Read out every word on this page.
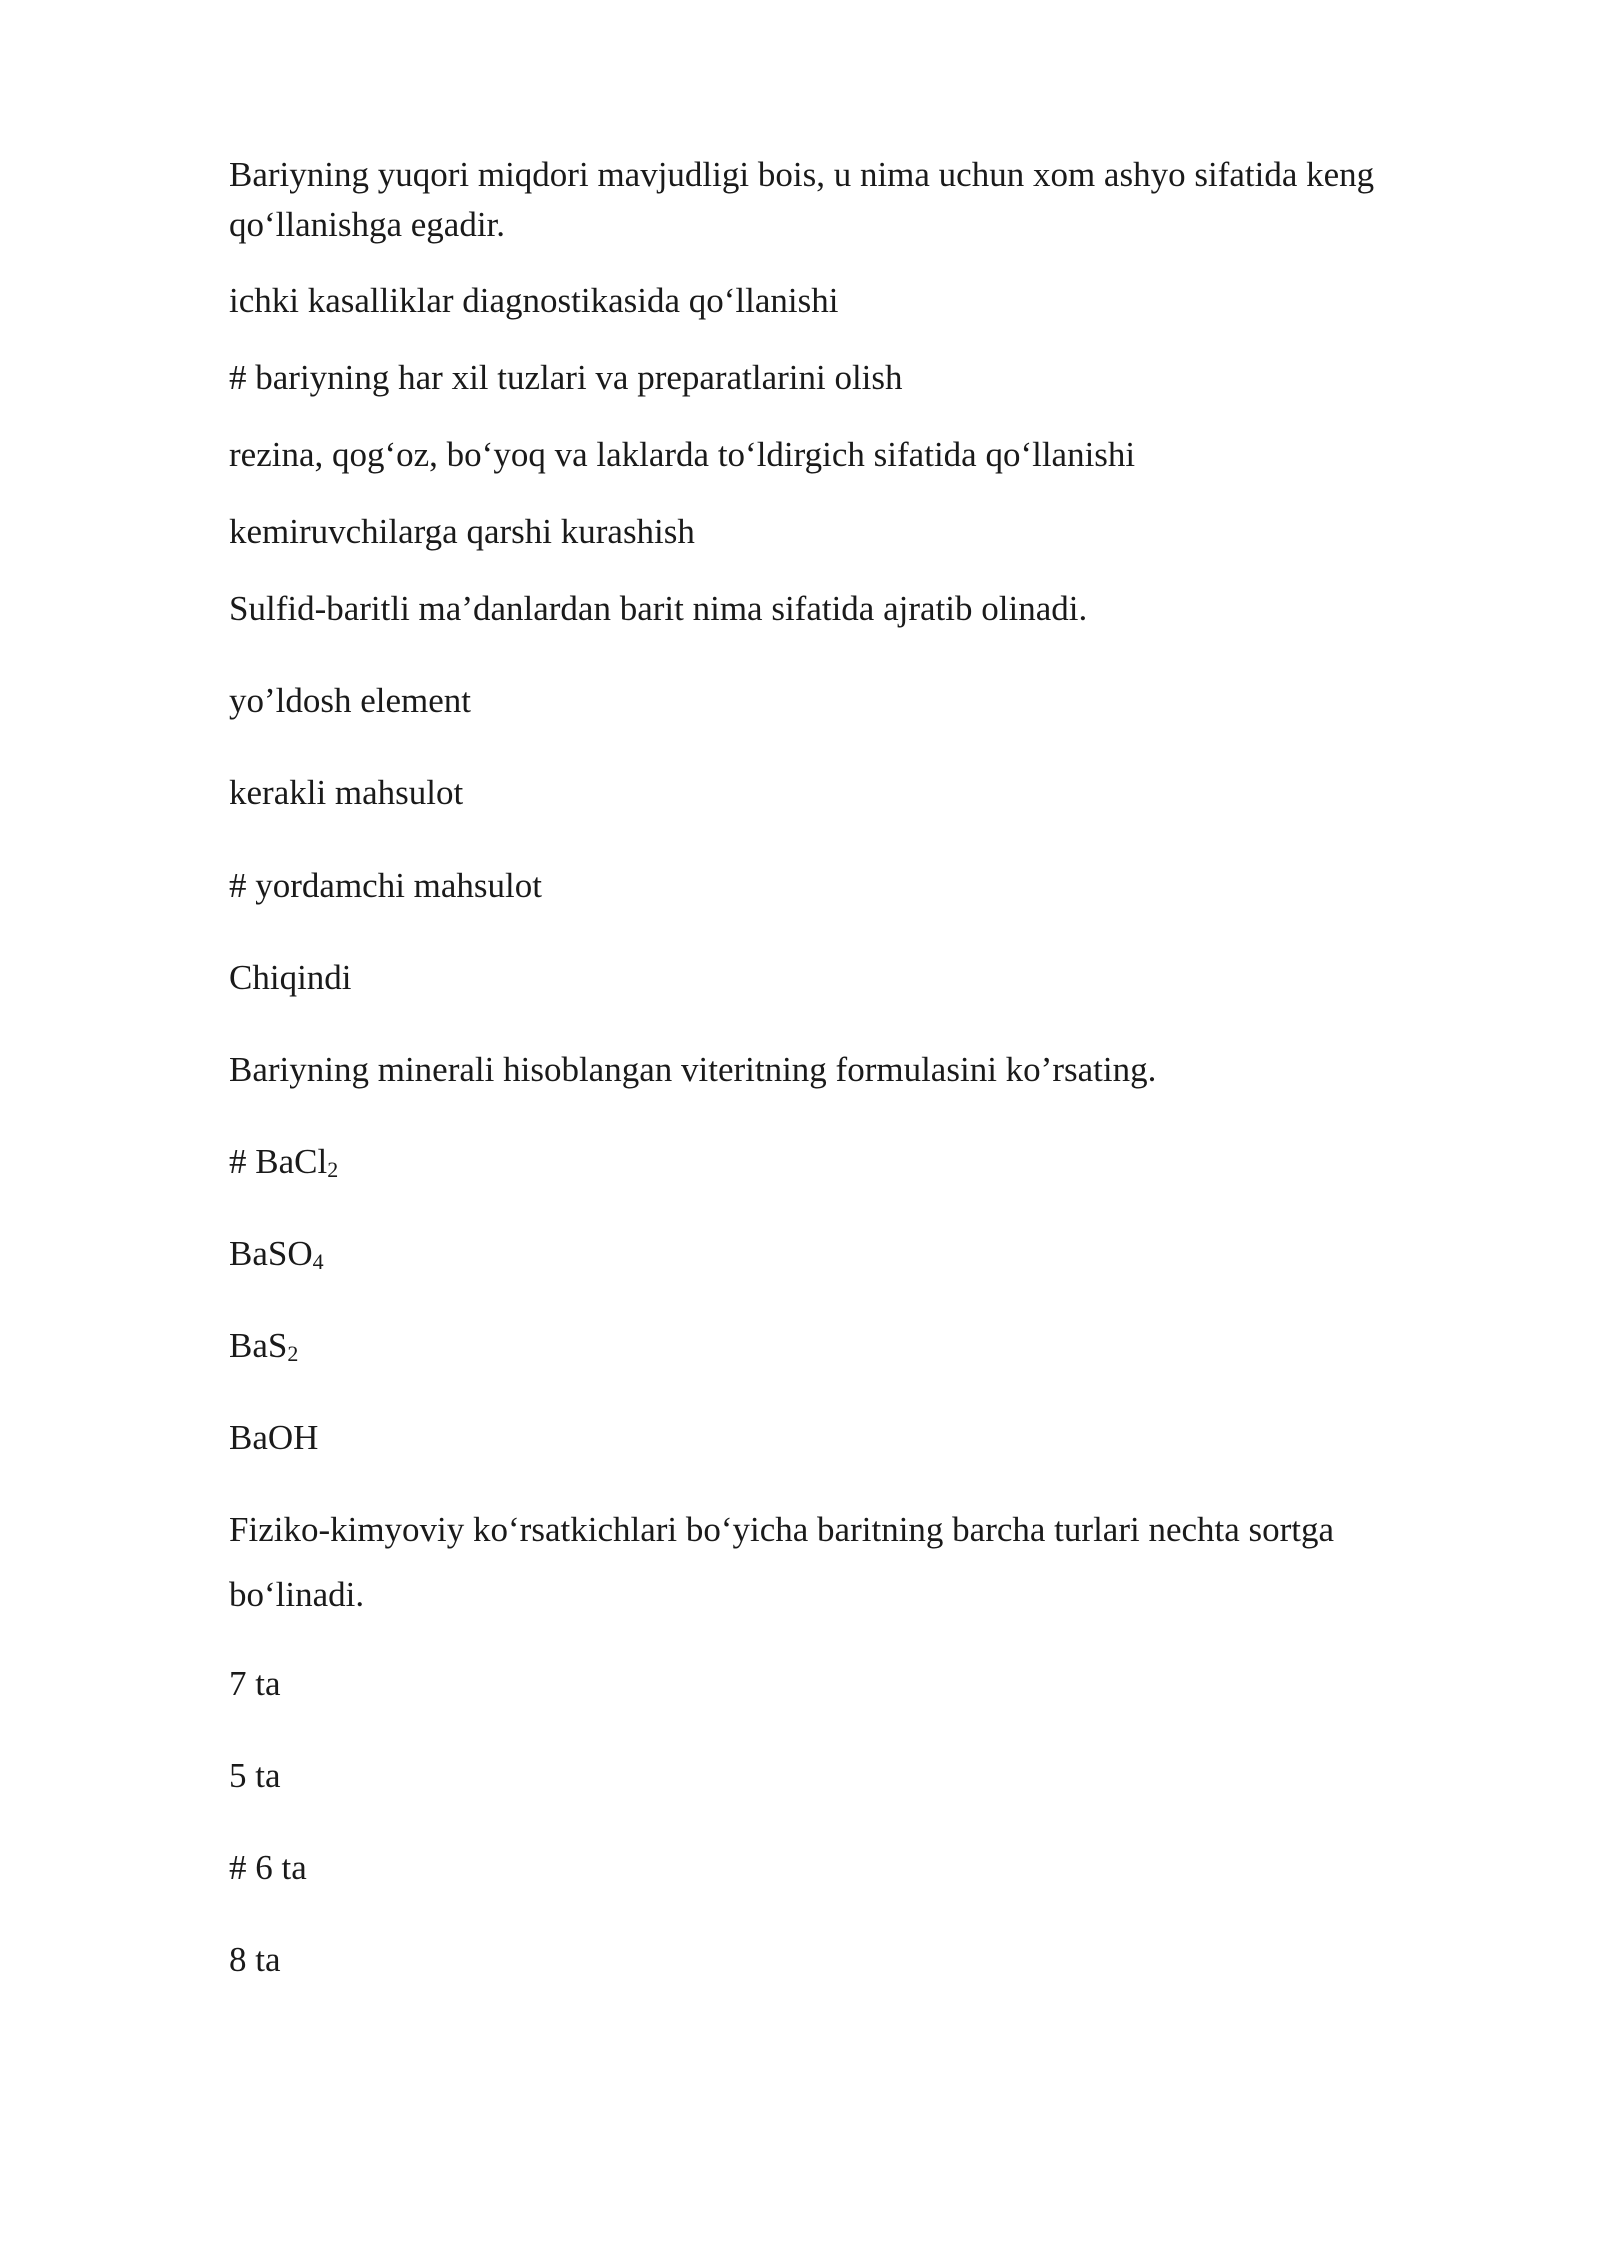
Bariyning yuqori miqdori mavjudligi bois, u nima uchun xom ashyo sifatida keng qo‘llanishga egadir.

ichki kasalliklar diagnostikasida qo‘llanishi

# bariyning har xil tuzlari va preparatlarini olish

rezina, qog‘oz, bo‘yoq va laklarda to‘ldirgich sifatida qo‘llanishi

kemiruvchilarga qarshi kurashish

Sulfid-baritli ma’danlardan barit nima sifatida ajratib olinadi.

yo’ldosh element

kerakli mahsulot

# yordamchi mahsulot

Chiqindi

Bariyning minerali hisoblangan viteritning formulasini ko’rsating.

# BaCl$_2$

BaSO$_4$

BaS$_2$

BaOH

Fiziko-kimyoviy ko‘rsatkichlari bo‘yicha baritning barcha turlari nechta sortga

bo‘linadi.

7 ta

5 ta

# 6 ta

8 ta
